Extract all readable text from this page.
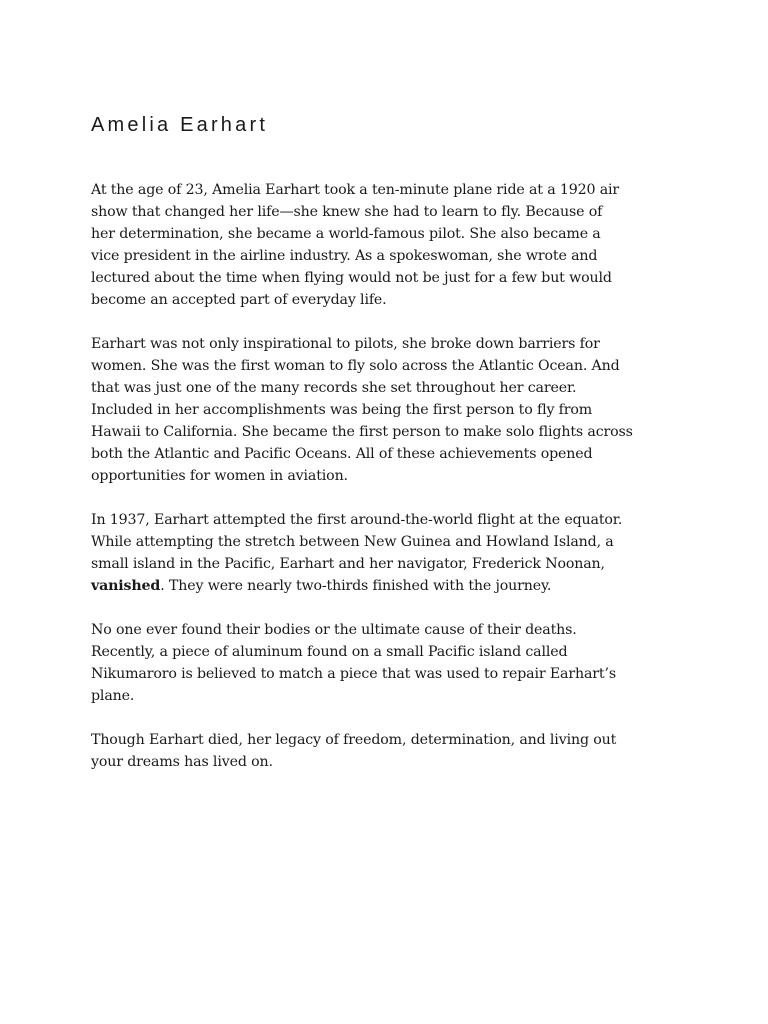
Amelia Earhart

At the age of 23, Amelia Earhart took a ten-minute plane ride at a 1920 air
show that changed her life—she knew she had to learn to fly. Because of
her determination, she became a world-famous pilot. She also became a
vice president in the airline industry. As a spokeswoman, she wrote and
lectured about the time when flying would not be just for a few but would
become an accepted part of everyday life.

Earhart was not only inspirational to pilots, she broke down barriers for
women. She was the first woman to fly solo across the Atlantic Ocean. And
that was just one of the many records she set throughout her career.
Included in her accomplishments was being the first person to fly from
Hawaii to California. She became the first person to make solo flights across
both the Atlantic and Pacific Oceans. All of these achievements opened
opportunities for women in aviation.

In 1937, Earhart attempted the first around-the-world flight at the equator.
While attempting the stretch between New Guinea and Howland Island, a
small island in the Pacific, Earhart and her navigator, Frederick Noonan,
vanished. They were nearly two-thirds finished with the journey.

No one ever found their bodies or the ultimate cause of their deaths.
Recently, a piece of aluminum found on a small Pacific island called
Nikumaroro is believed to match a piece that was used to repair Earhart’s
plane.

Though Earhart died, her legacy of freedom, determination, and living out
your dreams has lived on.
